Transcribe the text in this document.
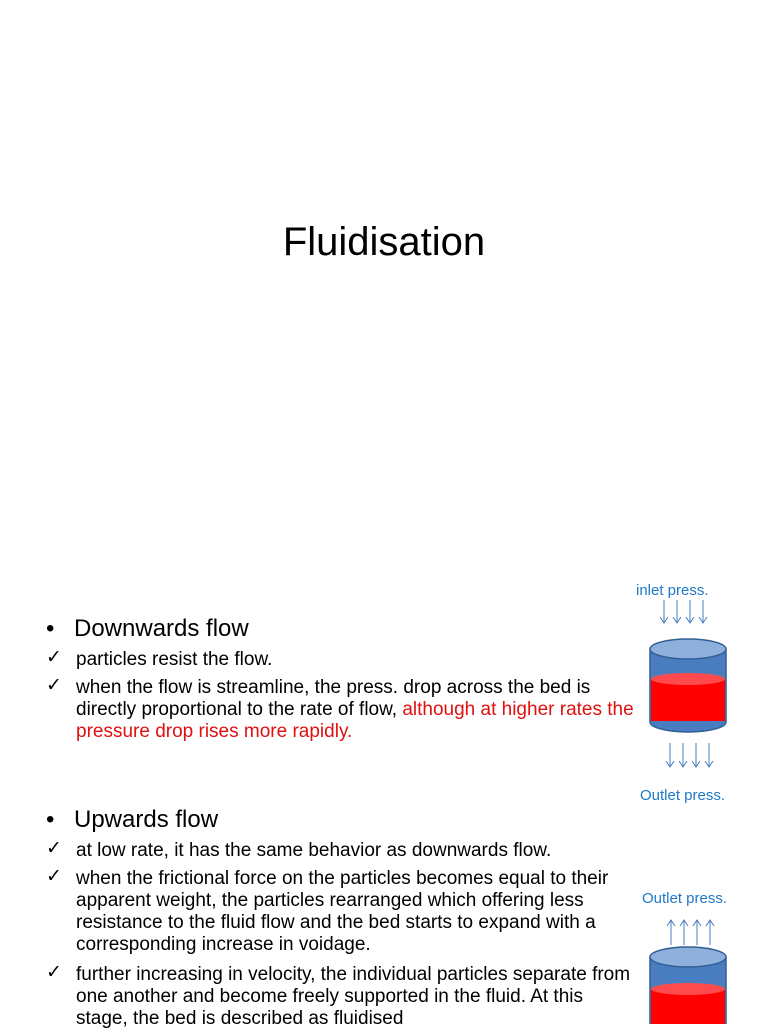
Fluidisation
• Downwards flow
✓ particles resist the flow.
✓ when the flow is streamline, the press. drop across the bed is directly proportional to the rate of flow, although at higher rates the pressure drop rises more rapidly.
• Upwards flow
✓ at low rate, it has the same behavior as downwards flow.
✓ when the frictional force on the particles becomes equal to their apparent weight, the particles rearranged which offering less resistance to the fluid flow and the bed starts to expand with a corresponding increase in voidage.
✓ further increasing in velocity, the individual particles separate from one another and become freely supported in the fluid. At this stage, the bed is described as fluidised
inlet press.
Outlet press.
Outlet press.
